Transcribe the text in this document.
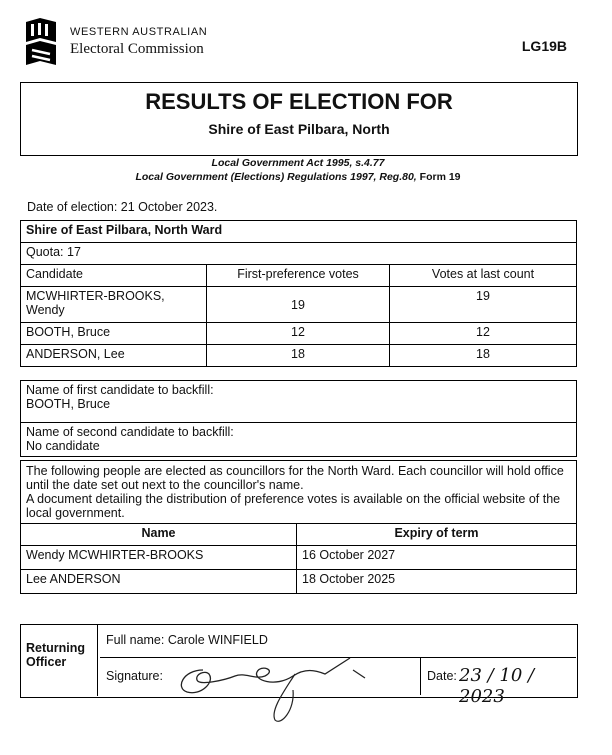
WESTERN AUSTRALIAN
Electoral Commission	LG19B
RESULTS OF ELECTION FOR
Shire of East Pilbara, North
Local Government Act 1995, s.4.77
Local Government (Elections) Regulations 1997, Reg.80, Form 19
Date of election: 21 October 2023.
Shire of East Pilbara, North Ward		
Quota: 17		
Candidate	First-preference votes	Votes at last count
MCWHIRTER-BROOKS,
Wendy	19	19
BOOTH, Bruce	12	12
ANDERSON, Lee	18	18
Name of first candidate to backfill:
BOOTH, Bruce
Name of second candidate to backfill:
No candidate
The following people are elected as councillors for the North Ward. Each councillor will hold office until the date set out next to the councillor's name.
A document detailing the distribution of preference votes is available on the official website of the local government.	
Name	Expiry of term
Wendy MCWHIRTER-BROOKS	16 October 2027
Lee ANDERSON	18 October 2025
Returning Officer
Full name: Carole WINFIELD
Signature:	Date: 23 / 10 / 2023
